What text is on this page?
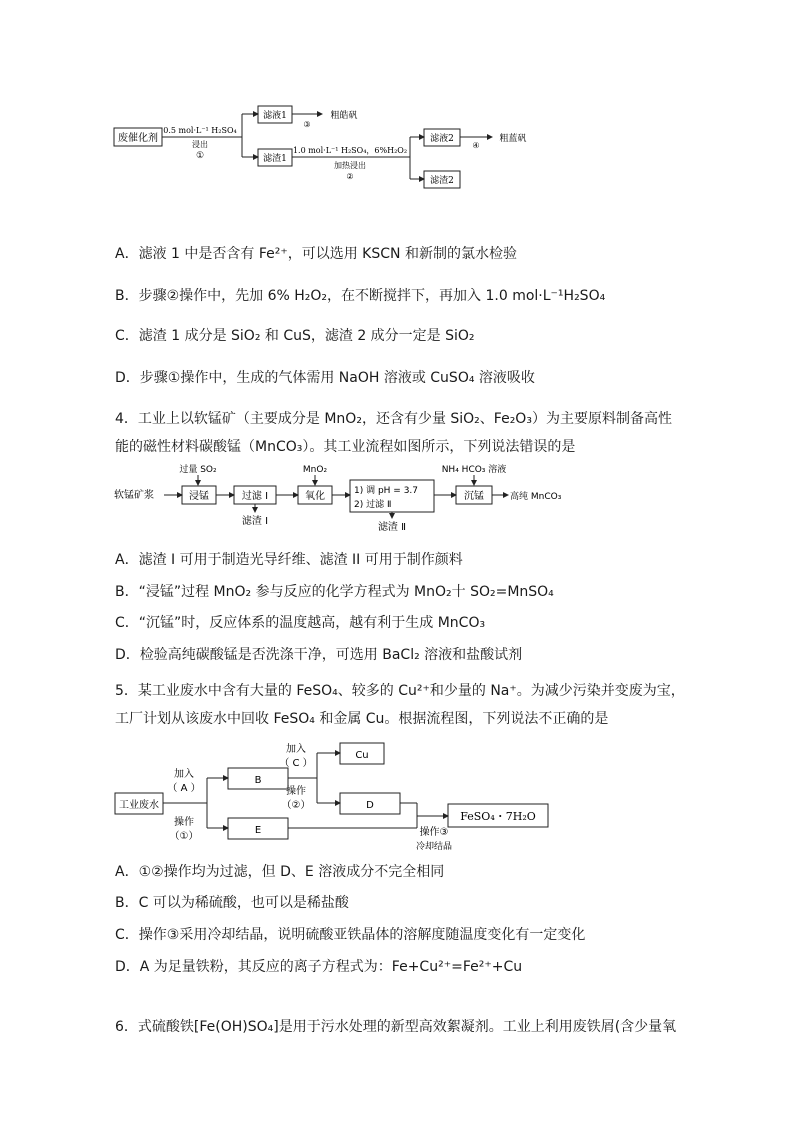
废催化剂
0.5 mol·L⁻¹ H₂SO₄
浸出
①
滤液1
③
粗皓矾
滤渣1
1.0 mol·L⁻¹ H₂SO₄，6%H₂O₂
加热浸出
②
滤液2
④
粗蓝矾
滤渣2
A．滤液 1 中是否含有 Fe²⁺，可以选用 KSCN 和新制的氯水检验
B．步骤②操作中，先加 6% H₂O₂，在不断搅拌下，再加入 1.0 mol·L⁻¹H₂SO₄
C．滤渣 1 成分是 SiO₂ 和 CuS，滤渣 2 成分一定是 SiO₂
D．步骤①操作中，生成的气体需用 NaOH 溶液或 CuSO₄ 溶液吸收
4．工业上以软锰矿（主要成分是 MnO₂，还含有少量 SiO₂、Fe₂O₃）为主要原料制备高性能的磁性材料碳酸锰（MnCO₃）。其工业流程如图所示，下列说法错误的是
软锰矿浆
过量 SO₂
浸锰	过滤 Ⅰ
滤渣 Ⅰ
MnO₂
氧化	1) 调 pH = 3.7
2) 过滤 Ⅱ
滤渣 Ⅱ
NH₄ HCO₃ 溶液
沉锰	高纯 MnCO₃
A．滤渣 I 可用于制造光导纤维、滤渣 II 可用于制作颜料
B．“浸锰”过程 MnO₂ 参与反应的化学方程式为 MnO₂十 SO₂=MnSO₄
C．“沉锰”时，反应体系的温度越高，越有利于生成 MnCO₃
D．检验高纯碳酸锰是否洗涤干净，可选用 BaCl₂ 溶液和盐酸试剂
5．某工业废水中含有大量的 FeSO₄、较多的 Cu²⁺和少量的 Na⁺。为减少污染并变废为宝，工厂计划从该废水中回收 FeSO₄ 和金属 Cu。根据流程图，下列说法不正确的是
工业废水
加入
（ A ）
操作
（①）
B
加入
（ C ）
操作
（②）
Cu
D
E	操作③
冷却结晶
FeSO₄・7H₂O
A．①②操作均为过滤，但 D、E 溶液成分不完全相同
B．C 可以为稀硫酸，也可以是稀盐酸
C．操作③采用冷却结晶，说明硫酸亚铁晶体的溶解度随温度变化有一定变化
D．A 为足量铁粉，其反应的离子方程式为：Fe+Cu²⁺=Fe²⁺+Cu
6．式硫酸铁[Fe(OH)SO₄]是用于污水处理的新型高效絮凝剂。工业上利用废铁屑(含少量氧
